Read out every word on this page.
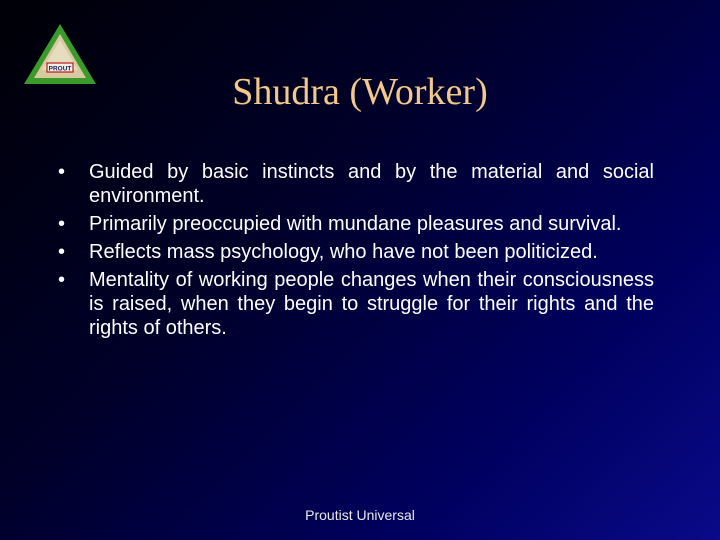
PROUT
Shudra (Worker)
• Guided by basic instincts and by the material and social environment.
• Primarily preoccupied with mundane pleasures and survival.
• Reflects mass psychology, who have not been politicized.
• Mentality of working people changes when their consciousness is raised, when they begin to struggle for their rights and the rights of others.
Proutist Universal
